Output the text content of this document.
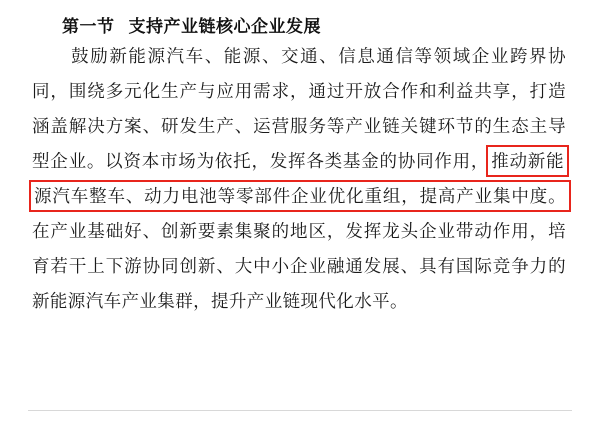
第一节 支持产业链核心企业发展

鼓励新能源汽车、能源、交通、信息通信等领域企业跨界协同，围绕多元化生产与应用需求，通过开放合作和利益共享，打造涵盖解决方案、研发生产、运营服务等产业链关键环节的生态主导型企业。以资本市场为依托，发挥各类基金的协同作用， 推动新能源汽车整车、动力电池等零部件企业优化重组，提高产业集中度。在产业基础好、创新要素集聚的地区，发挥龙头企业带动作用，培育若干上下游协同创新、大中小企业融通发展、具有国际竞争力的新能源汽车产业集群，提升产业链现代化水平。
